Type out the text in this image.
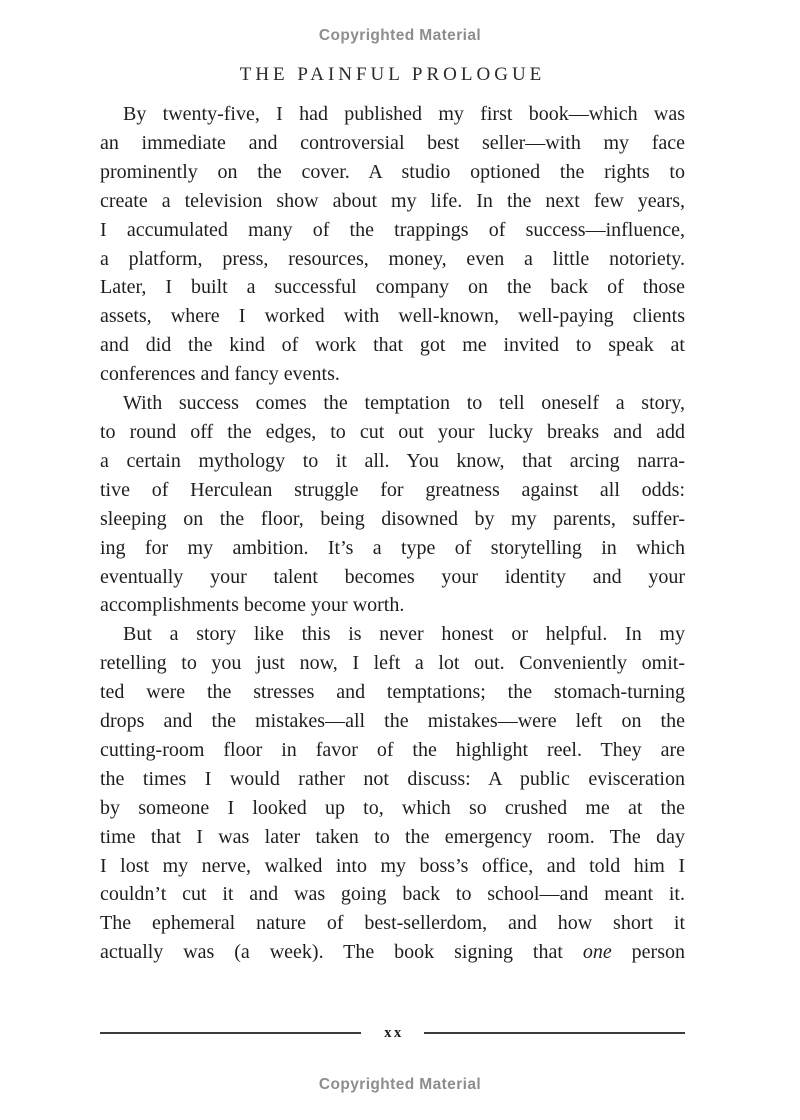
Copyrighted Material
THE PAINFUL PROLOGUE
By twenty-five, I had published my first book—which was
an immediate and controversial best seller—with my face
prominently on the cover. A studio optioned the rights to
create a television show about my life. In the next few years,
I accumulated many of the trappings of success—influence,
a platform, press, resources, money, even a little notoriety.
Later, I built a successful company on the back of those
assets, where I worked with well-known, well-paying clients
and did the kind of work that got me invited to speak at
conferences and fancy events.
With success comes the temptation to tell oneself a story,
to round off the edges, to cut out your lucky breaks and add
a certain mythology to it all. You know, that arcing narra-
tive of Herculean struggle for greatness against all odds:
sleeping on the floor, being disowned by my parents, suffer-
ing for my ambition. It’s a type of storytelling in which
eventually your talent becomes your identity and your
accomplishments become your worth.
But a story like this is never honest or helpful. In my
retelling to you just now, I left a lot out. Conveniently omit-
ted were the stresses and temptations; the stomach-turning
drops and the mistakes—all the mistakes—were left on the
cutting-room floor in favor of the highlight reel. They are
the times I would rather not discuss: A public evisceration
by someone I looked up to, which so crushed me at the
time that I was later taken to the emergency room. The day
I lost my nerve, walked into my boss’s office, and told him I
couldn’t cut it and was going back to school—and meant it.
The ephemeral nature of best-sellerdom, and how short it
actually was (a week). The book signing that one person
xx
Copyrighted Material
